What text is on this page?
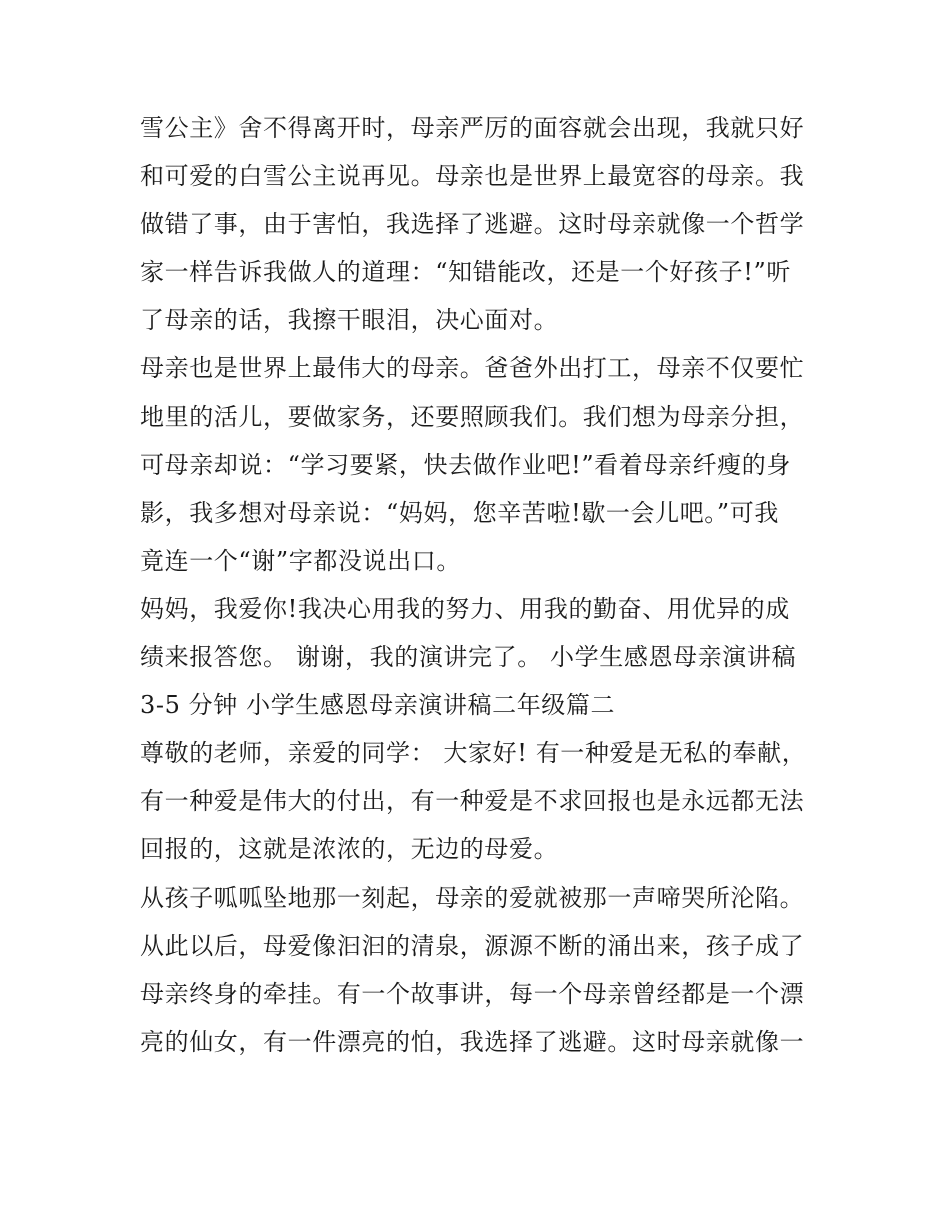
雪公主》舍不得离开时，母亲严厉的面容就会出现，我就只好
和可爱的白雪公主说再见。母亲也是世界上最宽容的母亲。我
做错了事，由于害怕，我选择了逃避。这时母亲就像一个哲学
家一样告诉我做人的道理：“知错能改，还是一个好孩子!”听
了母亲的话，我擦干眼泪，决心面对。
母亲也是世界上最伟大的母亲。爸爸外出打工，母亲不仅要忙
地里的活儿，要做家务，还要照顾我们。我们想为母亲分担，
可母亲却说：“学习要紧，快去做作业吧!”看着母亲纤瘦的身
影，我多想对母亲说：“妈妈，您辛苦啦!歇一会儿吧。”可我
竟连一个“谢”字都没说出口。
妈妈，我爱你!我决心用我的努力、用我的勤奋、用优异的成
绩来报答您。 谢谢，我的演讲完了。 小学生感恩母亲演讲稿
3-5 分钟 小学生感恩母亲演讲稿二年级篇二
尊敬的老师，亲爱的同学： 大家好! 有一种爱是无私的奉献，
有一种爱是伟大的付出，有一种爱是不求回报也是永远都无法
回报的，这就是浓浓的，无边的母爱。
从孩子呱呱坠地那一刻起，母亲的爱就被那一声啼哭所沦陷。
从此以后，母爱像汩汩的清泉，源源不断的涌出来，孩子成了
母亲终身的牵挂。有一个故事讲，每一个母亲曾经都是一个漂
亮的仙女，有一件漂亮的怕，我选择了逃避。这时母亲就像一
